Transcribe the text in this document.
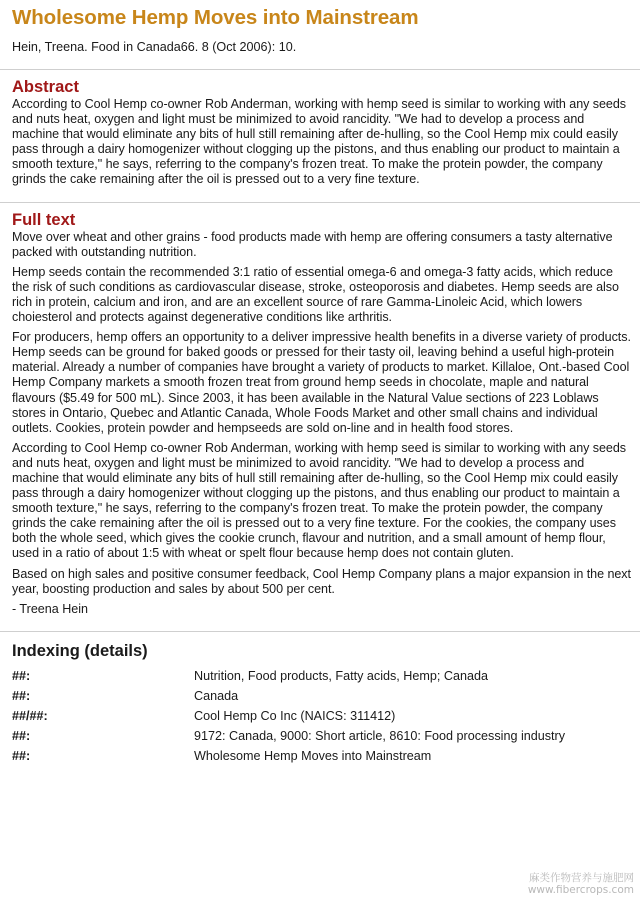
Wholesome Hemp Moves into Mainstream

Hein, Treena. Food in Canada66. 8 (Oct 2006): 10.

Abstract

According to Cool Hemp co-owner Rob Anderman, working with hemp seed is similar to working with any seeds and nuts heat, oxygen and light must be minimized to avoid rancidity. "We had to develop a process and machine that would eliminate any bits of hull still remaining after de-hulling, so the Cool Hemp mix could easily pass through a dairy homogenizer without clogging up the pistons, and thus enabling our product to maintain a smooth texture," he says, referring to the company's frozen treat. To make the protein powder, the company grinds the cake remaining after the oil is pressed out to a very fine texture.

Full text

Move over wheat and other grains - food products made with hemp are offering consumers a tasty alternative packed with outstanding nutrition.

Hemp seeds contain the recommended 3:1 ratio of essential omega-6 and omega-3 fatty acids, which reduce the risk of such conditions as cardiovascular disease, stroke, osteoporosis and diabetes. Hemp seeds are also rich in protein, calcium and iron, and are an excellent source of rare Gamma-Linoleic Acid, which lowers choiesterol and protects against degenerative conditions like arthritis.

For producers, hemp offers an opportunity to a deliver impressive health benefits in a diverse variety of products. Hemp seeds can be ground for baked goods or pressed for their tasty oil, leaving behind a useful high-protein material. Already a number of companies have brought a variety of products to market. Killaloe, Ont.-based Cool Hemp Company markets a smooth frozen treat from ground hemp seeds in chocolate, maple and natural flavours ($5.49 for 500 mL). Since 2003, it has been available in the Natural Value sections of 223 Loblaws stores in Ontario, Quebec and Atlantic Canada, Whole Foods Market and other small chains and individual outlets. Cookies, protein powder and hempseeds are sold on-line and in health food stores.

According to Cool Hemp co-owner Rob Anderman, working with hemp seed is similar to working with any seeds and nuts heat, oxygen and light must be minimized to avoid rancidity. "We had to develop a process and machine that would eliminate any bits of hull still remaining after de-hulling, so the Cool Hemp mix could easily pass through a dairy homogenizer without clogging up the pistons, and thus enabling our product to maintain a smooth texture," he says, referring to the company's frozen treat. To make the protein powder, the company grinds the cake remaining after the oil is pressed out to a very fine texture. For the cookies, the company uses both the whole seed, which gives the cookie crunch, flavour and nutrition, and a small amount of hemp flour, used in a ratio of about 1:5 with wheat or spelt flour because hemp does not contain gluten.

Based on high sales and positive consumer feedback, Cool Hemp Company plans a major expansion in the next year, boosting production and sales by about 500 per cent.

- Treena Hein

Indexing (details)
##:	Nutrition, Food products, Fatty acids, Hemp; Canada
##:	Canada
##/##:	Cool Hemp Co Inc (NAICS: 311412)
##:	9172: Canada, 9000: Short article, 8610: Food processing industry
##:	Wholesome Hemp Moves into Mainstream
麻类作物营养与施肥网
www.fibercrops.com
